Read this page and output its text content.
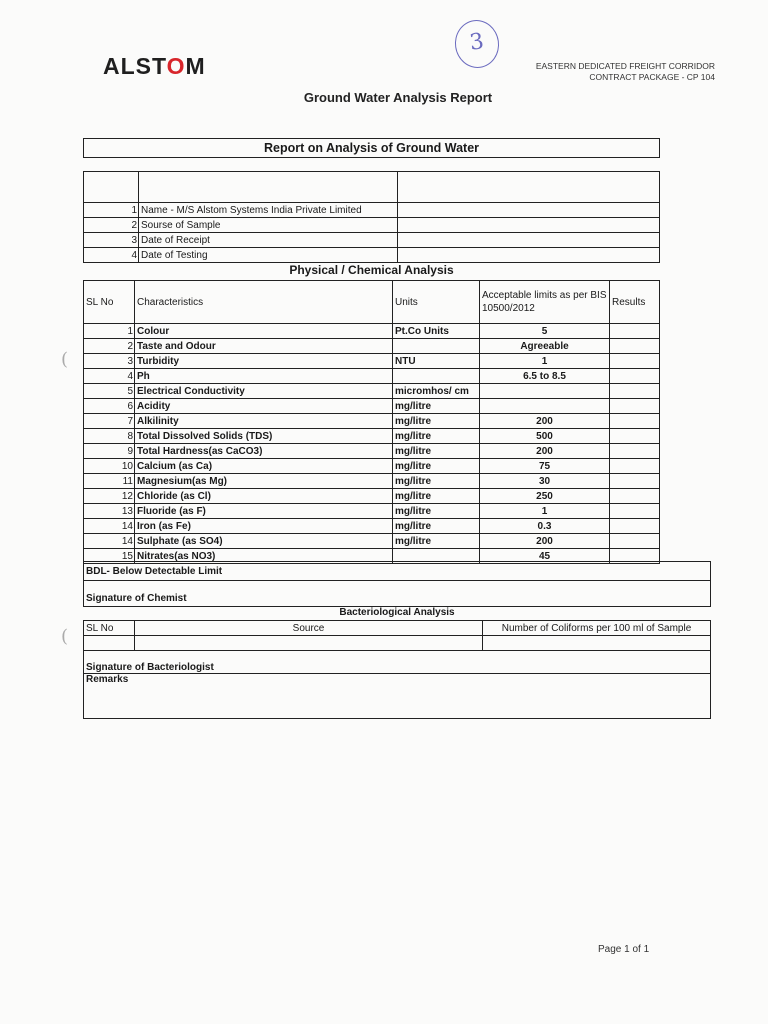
ALSTOM
3
EASTERN DEDICATED FREIGHT CORRIDOR
CONTRACT PACKAGE - CP 104
Ground Water Analysis Report
Report on Analysis of Ground Water

1	Name - M/S Alstom Systems India Private Limited	
2	Sourse of Sample	
3	Date of Receipt	
4	Date of Testing	
Physical / Chemical Analysis
SL No	Characteristics	Units	Acceptable limits as per BIS 10500/2012	Results
1	Colour	Pt.Co Units	5	
2	Taste and Odour		Agreeable	
3	Turbidity	NTU	1	
4	Ph		6.5 to 8.5	
5	Electrical Conductivity	micromhos/ cm		
6	Acidity	mg/litre		
7	Alkilinity	mg/litre	200	
8	Total Dissolved Solids (TDS)	mg/litre	500	
9	Total Hardness(as CaCO3)	mg/litre	200	
10	Calcium (as Ca)	mg/litre	75	
11	Magnesium(as Mg)	mg/litre	30	
12	Chloride (as Cl)	mg/litre	250	
13	Fluoride (as F)	mg/litre	1	
14	Iron (as Fe)	mg/litre	0.3	
14	Sulphate (as SO4)	mg/litre	200	
15	Nitrates(as NO3)		45	
BDL- Below Detectable Limit
Signature of Chemist
Bacteriological Analysis
SL No	Source	Number of Coliforms per 100 ml of Sample

Signature of Bacteriologist		
Remarks		
(
(
Page 1 of 1
